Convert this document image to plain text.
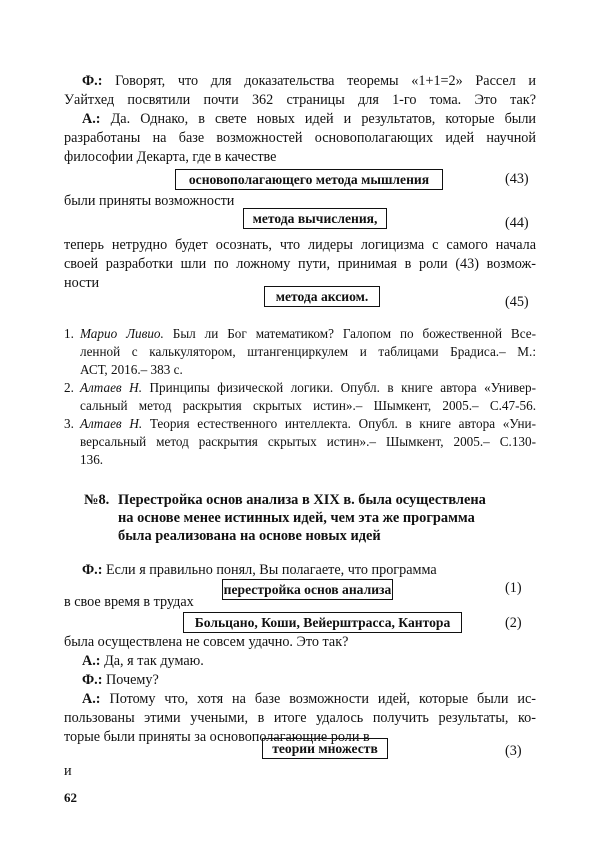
Ф.: Говорят, что для доказательства теоремы «1+1=2» Рассел и
Уайтхед посвятили почти 362 страницы для 1-го тома. Это так?
А.: Да. Однако, в свете новых идей и результатов, которые были
разработаны на базе возможностей основополагающих идей научной
философии Декарта, где в качестве
основополагающего метода мышления	(43)
были приняты возможности
метода вычисления,	(44)
теперь нетрудно будет осознать, что лидеры логицизма с самого начала
своей разработки шли по ложному пути, принимая в роли (43) возмож-
ности
метода аксиом.	(45)
1. Марио Ливио. Был ли Бог математиком? Галопом по божественной Все-
ленной с калькулятором, штангенциркулем и таблицами Брадиса.– М.:
АСТ, 2016.– 383 с.
2. Алтаев Н. Принципы физической логики. Опубл. в книге автора «Универ-
сальный метод раскрытия скрытых истин».– Шымкент, 2005.– С.47-56.
3. Алтаев Н. Теория естественного интеллекта. Опубл. в книге автора «Уни-
версальный метод раскрытия скрытых истин».– Шымкент, 2005.– С.130-
136.
№8. Перестройка основ анализа в XIX в. была осуществлена
на основе менее истинных идей, чем эта же программа
была реализована на основе новых идей
Ф.: Если я правильно понял, Вы полагаете, что программа
перестройка основ анализа	(1)
в свое время в трудах
Больцано, Коши, Вейерштрасса, Кантора	(2)
была осуществлена не совсем удачно. Это так?
А.: Да, я так думаю.
Ф.: Почему?
А.: Потому что, хотя на базе возможности идей, которые были ис-
пользованы этими учеными, в итоге удалось получить результаты, ко-
торые были приняты за основополагающие роли в
теории множеств	(3)
и
62
